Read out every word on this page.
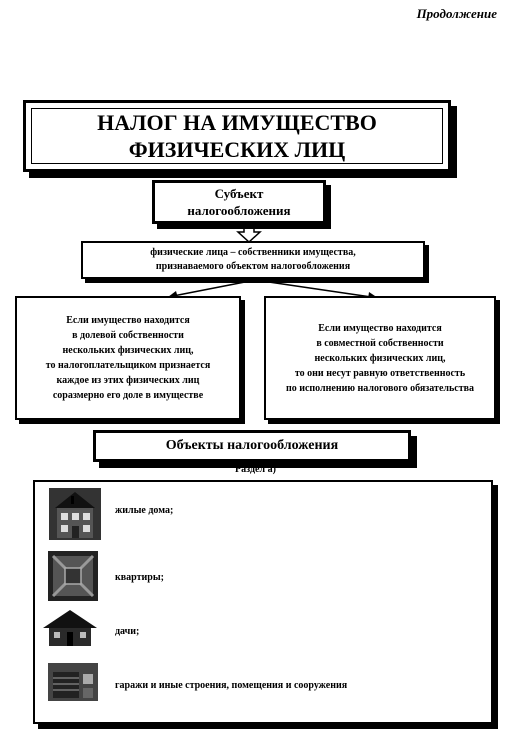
Продолжение
НАЛОГ НА ИМУЩЕСТВО
ФИЗИЧЕСКИХ ЛИЦ
Субъект
налогообложения
физические лица – собственники имущества,
признаваемого объектом налогообложения
Если имущество находится
в долевой собственности
нескольких физических лиц,
то налогоплательщиком признается
каждое из этих физических лиц
соразмерно его доле в имуществе
Если имущество находится
в совместной собственности
нескольких физических лиц,
то они несут равную ответственность
по исполнению налогового обязательства
Объекты налогообложения
Раздел а)
жилые дома;
квартиры;
дачи;
гаражи и иные строения, помещения и сооружения
